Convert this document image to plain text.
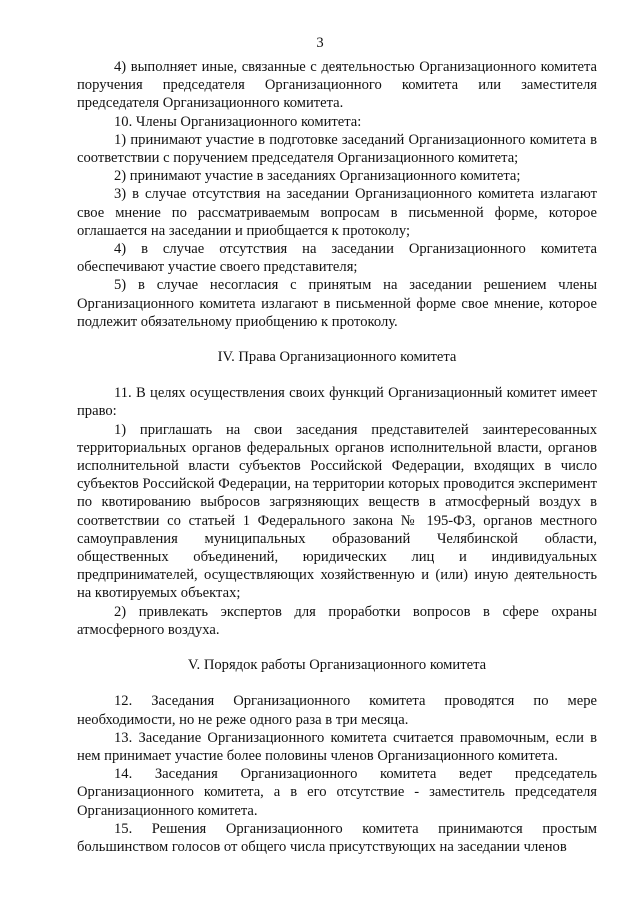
3

4) выполняет иные, связанные с деятельностью Организационного комитета поручения председателя Организационного комитета или заместителя председателя Организационного комитета.

10. Члены Организационного комитета:

1) принимают участие в подготовке заседаний Организационного комитета в соответствии с поручением председателя Организационного комитета;

2) принимают участие в заседаниях Организационного комитета;

3) в случае отсутствия на заседании Организационного комитета излагают свое мнение по рассматриваемым вопросам в письменной форме, которое оглашается на заседании и приобщается к протоколу;

4) в случае отсутствия на заседании Организационного комитета обеспечивают участие своего представителя;

5) в случае несогласия с принятым на заседании решением члены Организационного комитета излагают в письменной форме свое мнение, которое подлежит обязательному приобщению к протоколу.

IV. Права Организационного комитета

11. В целях осуществления своих функций Организационный комитет имеет право:

1) приглашать на свои заседания представителей заинтересованных территориальных органов федеральных органов исполнительной власти, органов исполнительной власти субъектов Российской Федерации, входящих в число субъектов Российской Федерации, на территории которых проводится эксперимент по квотированию выбросов загрязняющих веществ в атмосферный воздух в соответствии со статьей 1 Федерального закона № 195-ФЗ, органов местного самоуправления муниципальных образований Челябинской области, общественных объединений, юридических лиц и индивидуальных предпринимателей, осуществляющих хозяйственную и (или) иную деятельность на квотируемых объектах;

2) привлекать экспертов для проработки вопросов в сфере охраны атмосферного воздуха.

V. Порядок работы Организационного комитета

12. Заседания Организационного комитета проводятся по мере необходимости, но не реже одного раза в три месяца.

13. Заседание Организационного комитета считается правомочным, если в нем принимает участие более половины членов Организационного комитета.

14. Заседания Организационного комитета ведет председатель Организационного комитета, а в его отсутствие - заместитель председателя Организационного комитета.

15. Решения Организационного комитета принимаются простым большинством голосов от общего числа присутствующих на заседании членов
